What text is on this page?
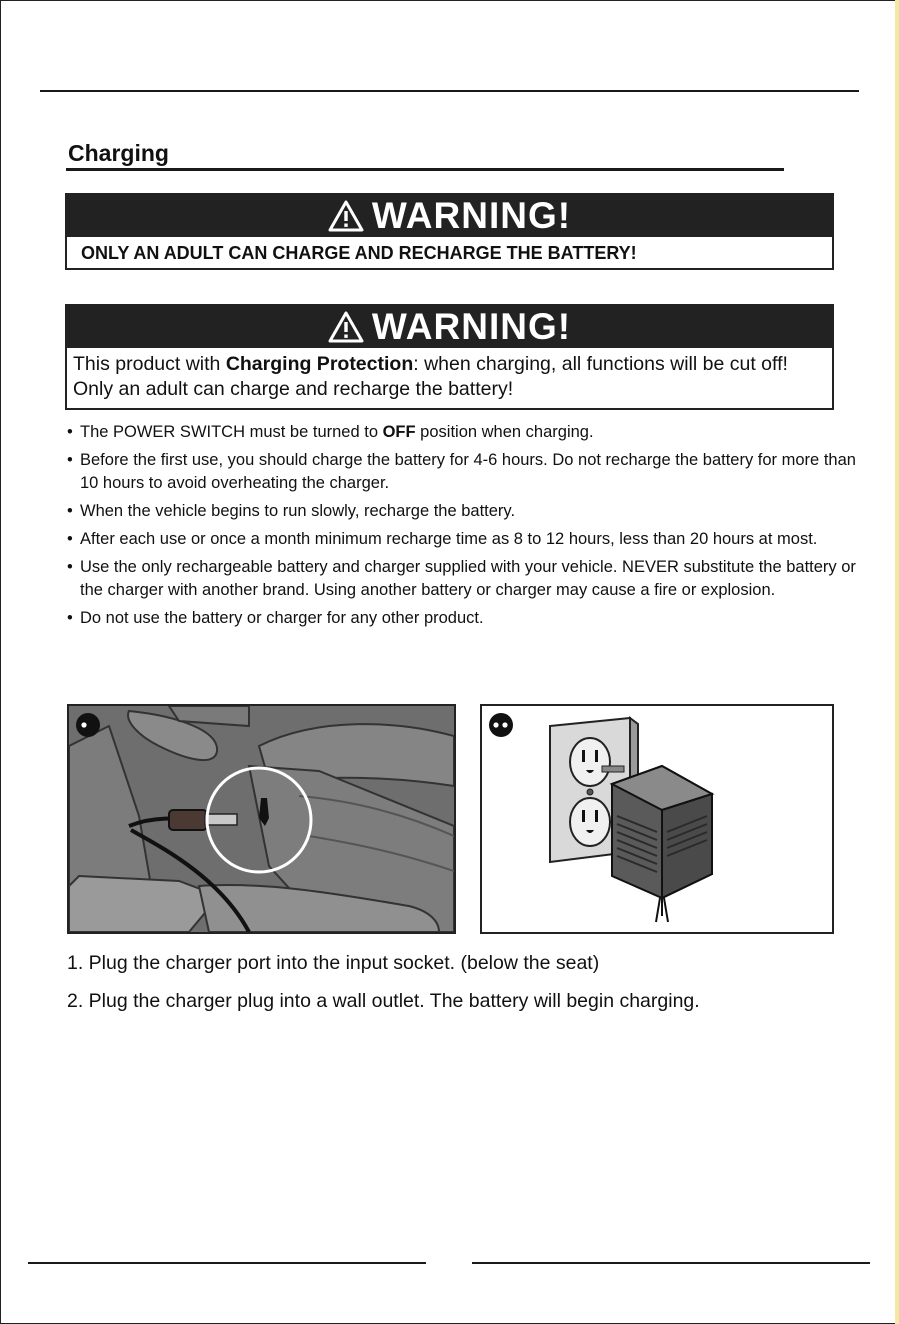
Charging
WARNING!
ONLY AN ADULT CAN CHARGE AND RECHARGE THE BATTERY!
WARNING!
This product with Charging Protection: when charging, all functions will be cut off! Only an adult can charge and recharge the battery!
• The POWER SWITCH must be turned to OFF position when charging.
• Before the first use, you should charge the battery for 4-6 hours. Do not recharge the battery for more than 10 hours to avoid overheating the charger.
• When the vehicle begins to run slowly, recharge the battery.
• After each use or once a month minimum recharge time as 8 to 12 hours, less than 20 hours at most.
• Use the only rechargeable battery and charger supplied with your vehicle. NEVER substitute the battery or the charger with another brand. Using another battery or charger may cause a fire or explosion.
• Do not use the battery or charger for any other product.
1. Plug the charger port into the input socket. (below the seat)
2. Plug the charger plug into a wall outlet. The battery will begin charging.
